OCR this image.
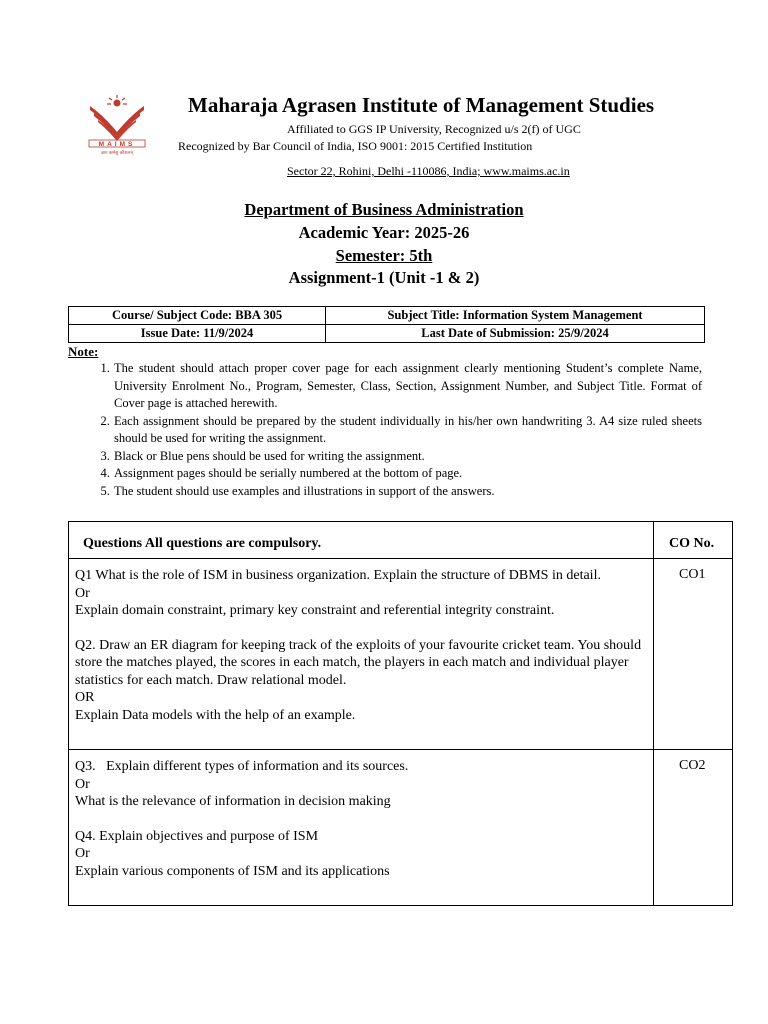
MAIMS
ज्ञान कर्मसु कौशलम्
Maharaja Agrasen Institute of Management Studies
Affiliated to GGS IP University, Recognized u/s 2(f) of UGC
Recognized by Bar Council of India, ISO 9001: 2015 Certified Institution
Sector 22, Rohini, Delhi -110086, India; www.maims.ac.in
Department of Business Administration
Academic Year: 2025-26
Semester: 5th
Assignment-1 (Unit -1 & 2)
Course/ Subject Code: BBA 305	Subject Title: Information System Management
Issue Date: 11/9/2024	Last Date of Submission: 25/9/2024
Note:
1. The student should attach proper cover page for each assignment clearly mentioning Student’s complete Name, University Enrolment No., Program, Semester, Class, Section, Assignment Number, and Subject Title. Format of Cover page is attached herewith.
2. Each assignment should be prepared by the student individually in his/her own handwriting 3. A4 size ruled sheets should be used for writing the assignment.
3. Black or Blue pens should be used for writing the assignment.
4. Assignment pages should be serially numbered at the bottom of page.
5. The student should use examples and illustrations in support of the answers.
Questions All questions are compulsory.	CO No.

Q1 What is the role of ISM in business organization. Explain the structure of DBMS in detail.

Or

Explain domain constraint, primary key constraint and referential integrity constraint.

Q2. Draw an ER diagram for keeping track of the exploits of your favourite cricket team. You should store the matches played, the scores in each match, the players in each match and individual player statistics for each match. Draw relational model.

OR

Explain Data models with the help of an example.

CO1

Q3.   Explain different types of information and its sources.

Or

What is the relevance of information in decision making

Q4. Explain objectives and purpose of ISM

Or

Explain various components of ISM and its applications

CO2
